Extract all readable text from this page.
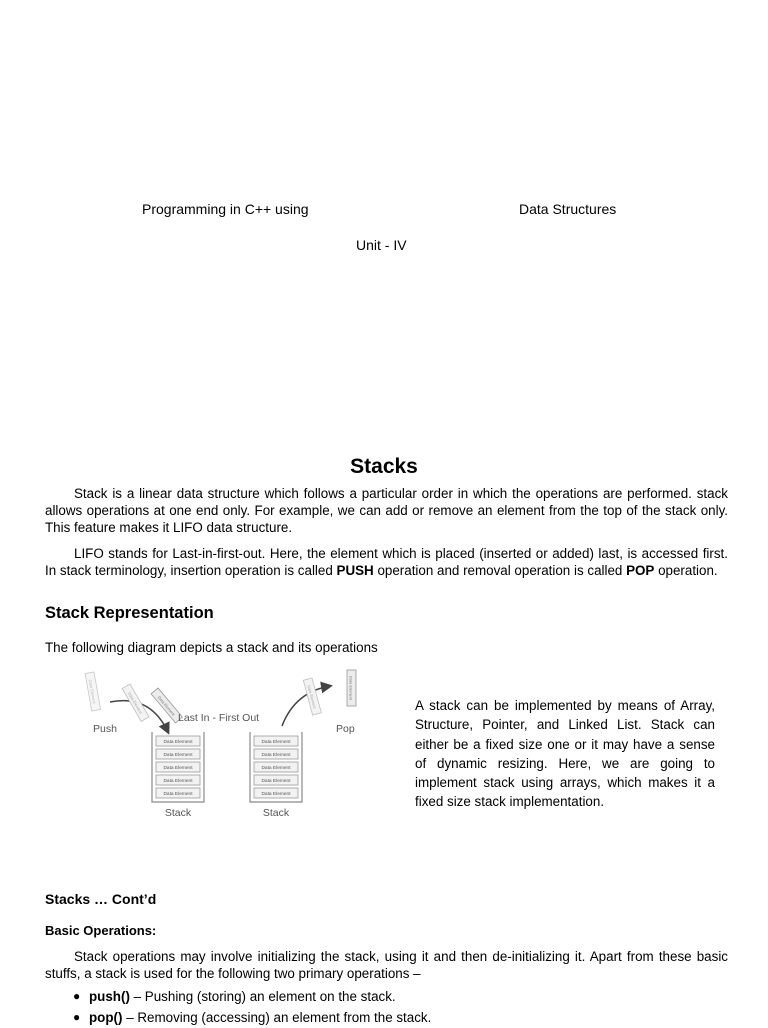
Programming in C++ using	Data Structures
Unit - IV
Stacks
Stack is a linear data structure which follows a particular order in which the operations are performed. stack allows operations at one end only. For example, we can add or remove an element from the top of the stack only. This feature makes it LIFO data structure.
LIFO stands for Last-in-first-out. Here, the element which is placed (inserted or added) last, is accessed first. In stack terminology, insertion operation is called PUSH operation and removal operation is called POP operation.
Stack Representation
The following diagram depicts a stack and its operations
Data Element	Data Element	Data Element	Data Element	Data Element
Last In - First Out
Push	Pop
Data Element
Data Element
Data Element
Data Element
Data Element
Stack
Data Element
Data Element
Data Element
Data Element
Data Element
Stack
A stack can be implemented by means of Array, Structure, Pointer, and Linked List. Stack can either be a fixed size one or it may have a sense of dynamic resizing. Here, we are going to implement stack using arrays, which makes it a fixed size stack implementation.
Stacks … Cont’d
Basic Operations:
Stack operations may involve initializing the stack, using it and then de-initializing it. Apart from these basic stuffs, a stack is used for the following two primary operations –
● push() – Pushing (storing) an element on the stack.
● pop() – Removing (accessing) an element from the stack.
